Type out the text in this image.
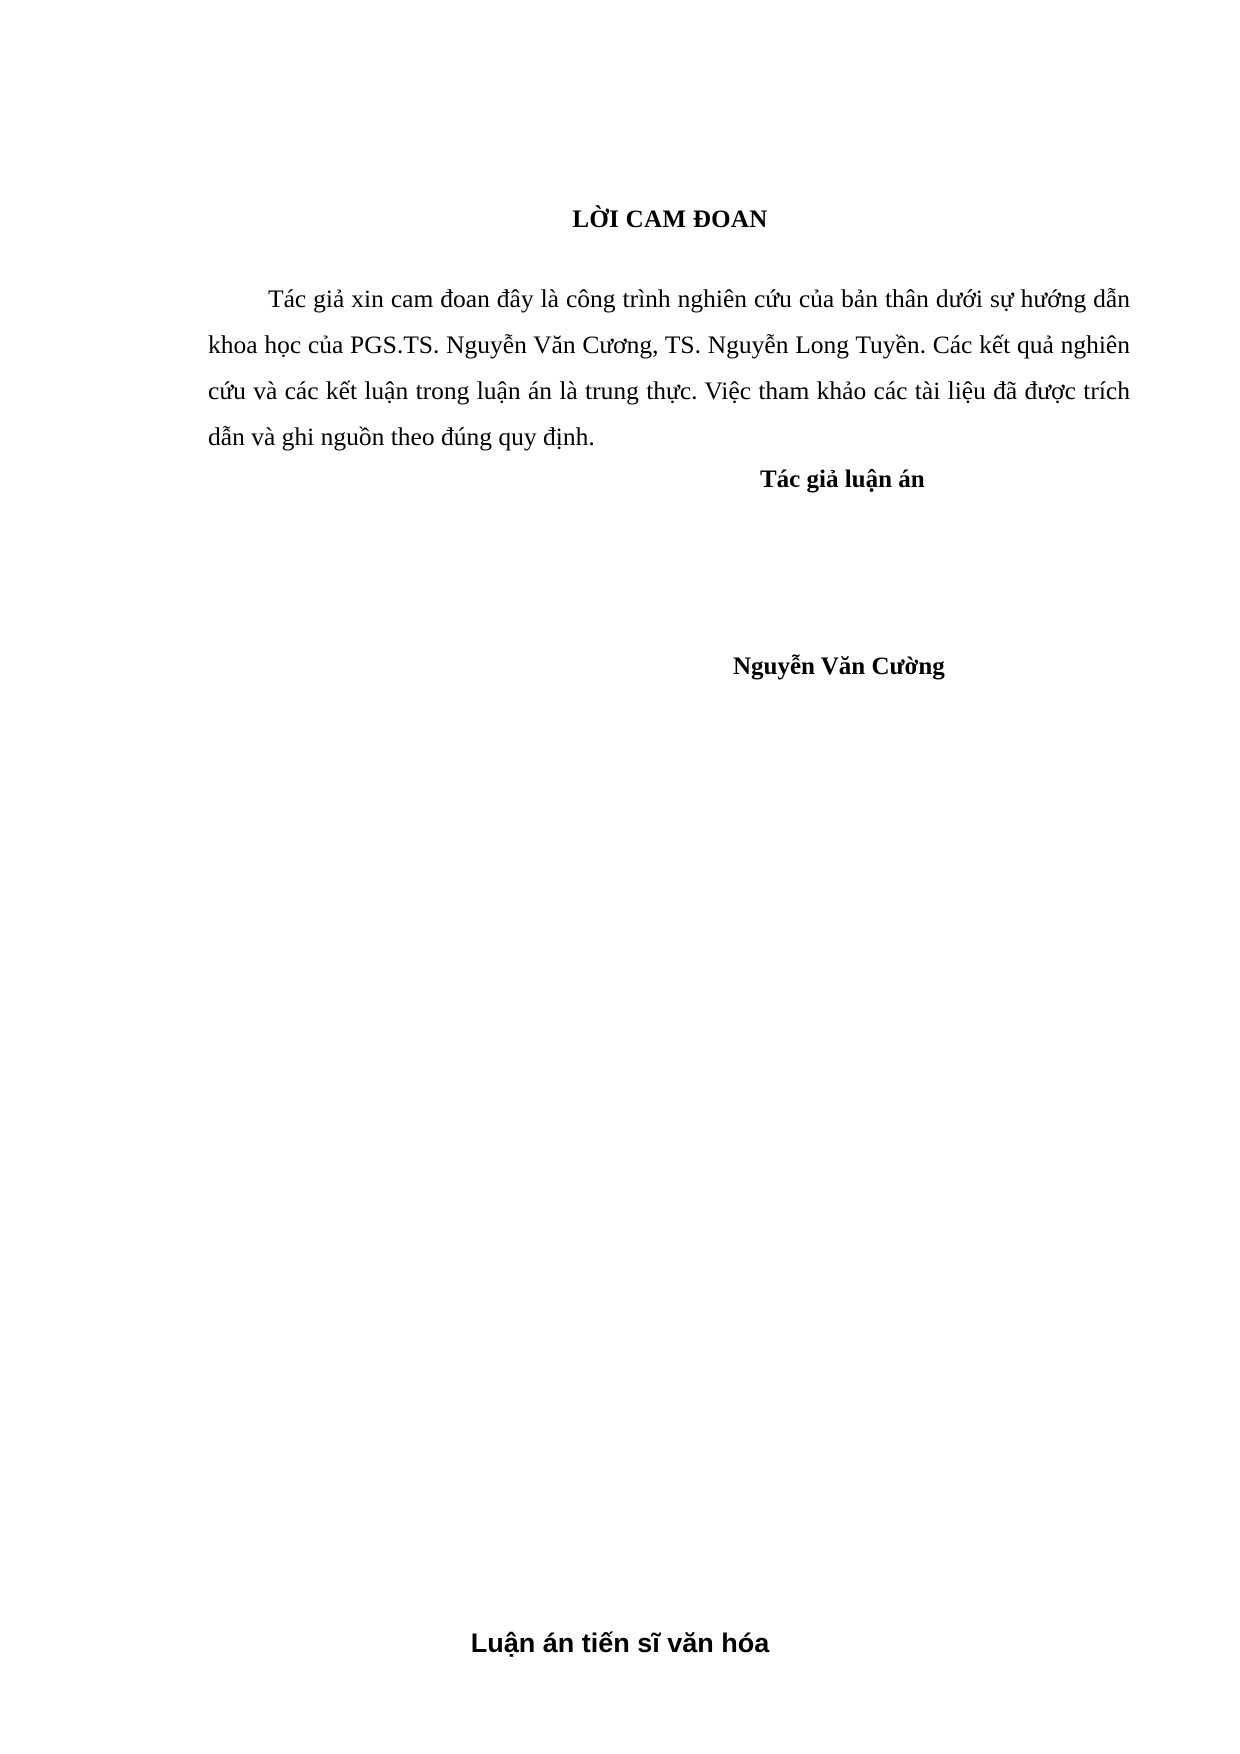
LỜI CAM ĐOAN

Tác giả xin cam đoan đây là công trình nghiên cứu của bản thân dưới sự hướng dẫn khoa học của PGS.TS. Nguyễn Văn Cương, TS. Nguyễn Long Tuyền. Các kết quả nghiên cứu và các kết luận trong luận án là trung thực. Việc tham khảo các tài liệu đã được trích dẫn và ghi nguồn theo đúng quy định.

Tác giả luận án

Nguyễn Văn Cường

Luận án tiến sĩ văn hóa
